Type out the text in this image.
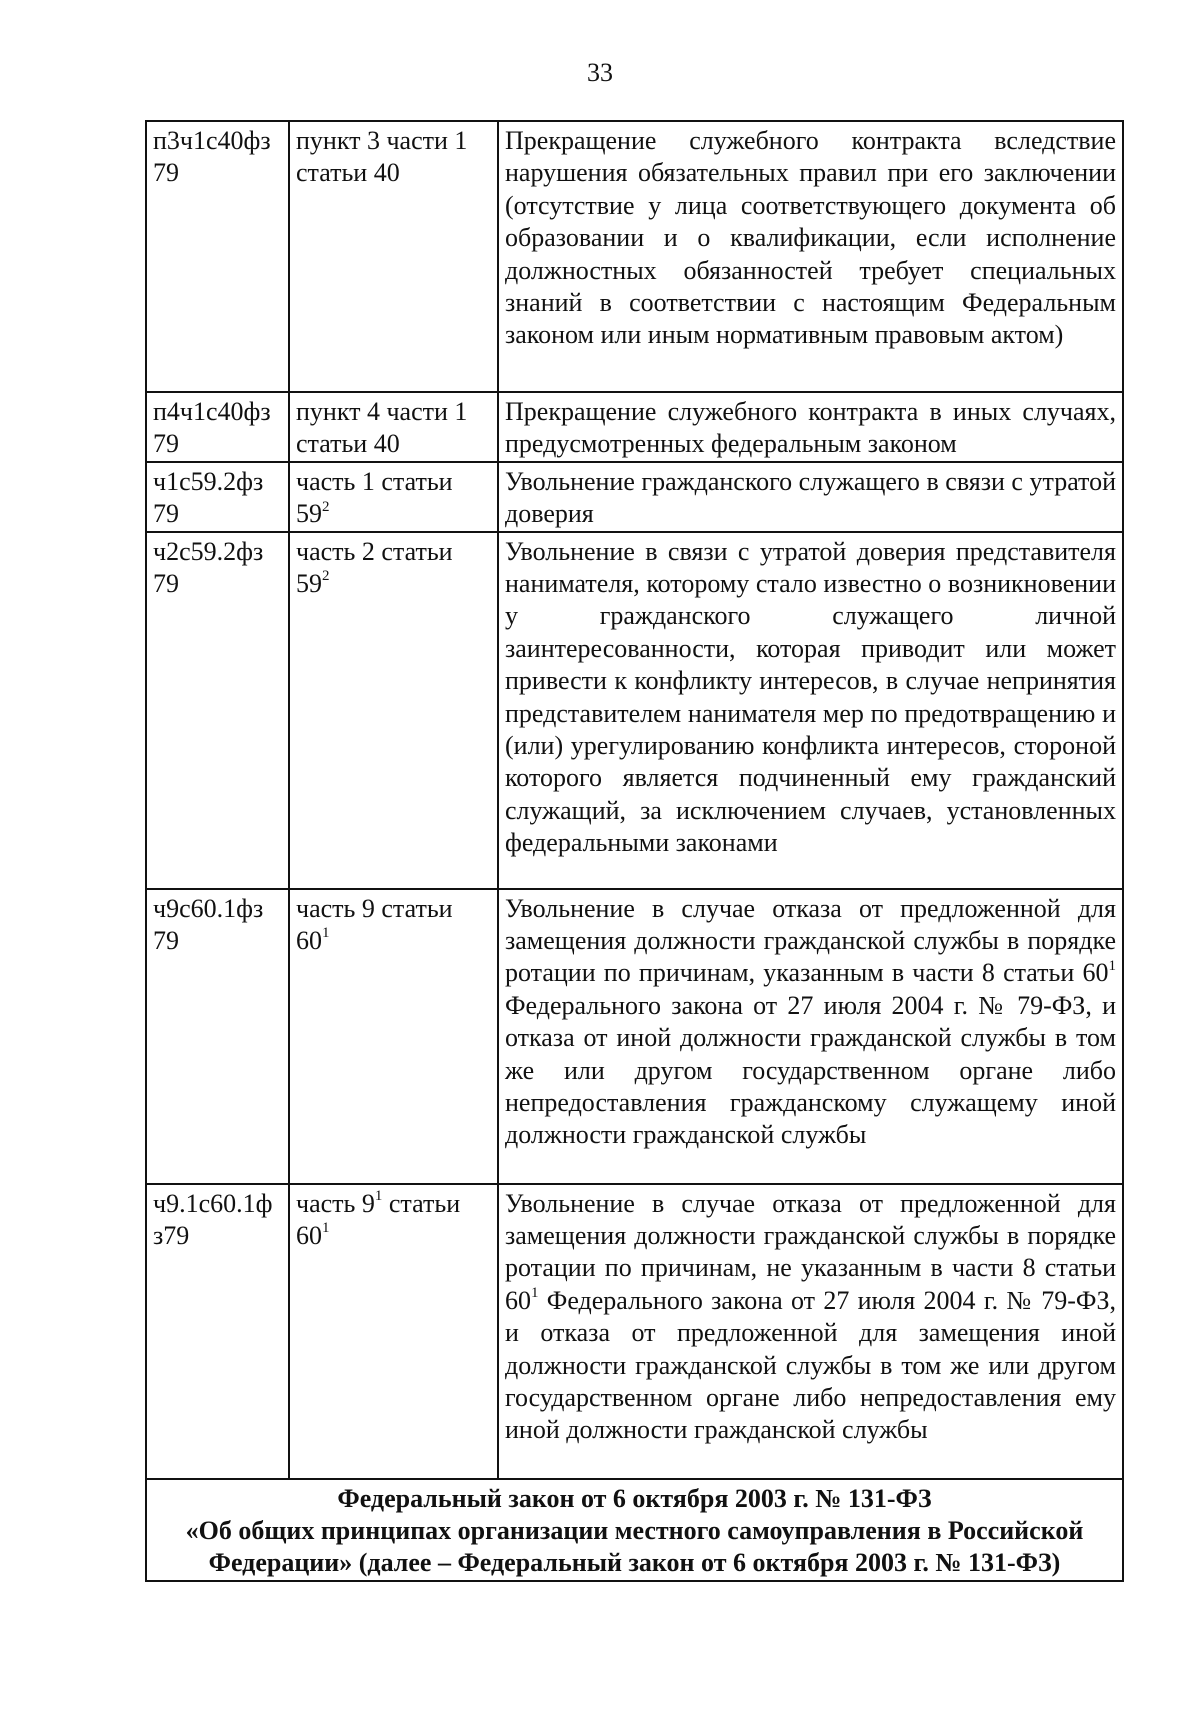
33
п3ч1с40фз 79	пункт 3 части 1 статьи 40	Прекращение служебного контракта вследствие нарушения обязательных правил при его заключении (отсутствие у лица соответствующего документа об образовании и о квалификации, если исполнение должностных обязанностей требует специальных знаний в соответствии с настоящим Федеральным законом или иным нормативным правовым актом)
п4ч1с40фз 79	пункт 4 части 1 статьи 40	Прекращение служебного контракта в иных случаях, предусмотренных федеральным законом
ч1с59.2фз 79	часть 1 статьи $59^2$	Увольнение гражданского служащего в связи с утратой доверия
ч2с59.2фз 79	часть 2 статьи $59^2$	Увольнение в связи с утратой доверия представителя нанимателя, которому стало известно о возникновении у гражданского служащего личной заинтересованности, которая приводит или может привести к конфликту интересов, в случае непринятия представителем нанимателя мер по предотвращению и (или) урегулированию конфликта интересов, стороной которого является подчиненный ему гражданский служащий, за исключением случаев, установленных федеральными законами
ч9с60.1фз 79	часть 9 статьи $60^1$	Увольнение в случае отказа от предложенной для замещения должности гражданской службы в порядке ротации по причинам, указанным в части 8 статьи $60^1$ Федерального закона от 27 июля 2004 г. № 79-ФЗ, и отказа от иной должности гражданской службы в том же или другом государственном органе либо непредоставления гражданскому служащему иной должности гражданской службы
ч9.1с60.1ф з79	часть $9^1$ статьи $60^1$	Увольнение в случае отказа от предложенной для замещения должности гражданской службы в порядке ротации по причинам, не указанным в части 8 статьи $60^1$ Федерального закона от 27 июля 2004 г. № 79-ФЗ, и отказа от предложенной для замещения иной должности гражданской службы в том же или другом государственном органе либо непредоставления ему иной должности гражданской службы

Федеральный закон от 6 октября 2003 г. № 131-ФЗ
«Об общих принципах организации местного самоуправления в Российской
Федерации» (далее – Федеральный закон от 6 октября 2003 г. № 131-ФЗ)		
